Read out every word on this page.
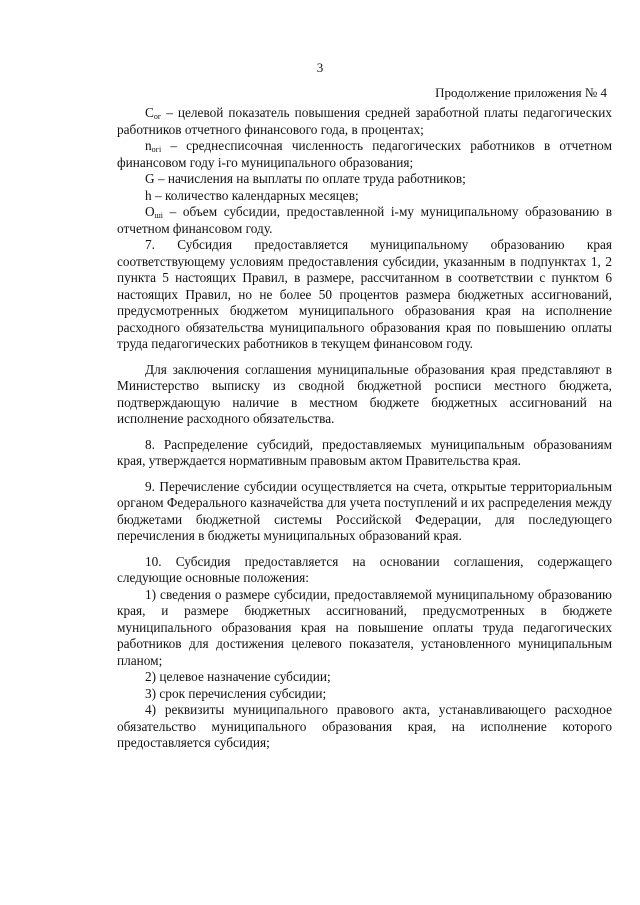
3
Продолжение приложения № 4

$C_{ог}$ – целевой показатель повышения средней заработной платы педагогических работников отчетного финансового года, в процентах;

$n_{огi}$ – среднесписочная численность педагогических работников в отчетном финансовом году i-го муниципального образования;

G – начисления на выплаты по оплате труда работников;

h – количество календарных месяцев;

$O_{шi}$ – объем субсидии, предоставленной i-му муниципальному образованию в отчетном финансовом году.

7. Субсидия предоставляется муниципальному образованию края соответствующему условиям предоставления субсидии, указанным в подпунктах 1, 2 пункта 5 настоящих Правил, в размере, рассчитанном в соответствии с пунктом 6 настоящих Правил, но не более 50 процентов размера бюджетных ассигнований, предусмотренных бюджетом муниципального образования края на исполнение расходного обязательства муниципального образования края по повышению оплаты труда педагогических работников в текущем финансовом году.

Для заключения соглашения муниципальные образования края представляют в Министерство выписку из сводной бюджетной росписи местного бюджета, подтверждающую наличие в местном бюджете бюджетных ассигнований на исполнение расходного обязательства.

8. Распределение субсидий, предоставляемых муниципальным образованиям края, утверждается нормативным правовым актом Правительства края.

9. Перечисление субсидии осуществляется на счета, открытые территориальным органом Федерального казначейства для учета поступлений и их распределения между бюджетами бюджетной системы Российской Федерации, для последующего перечисления в бюджеты муниципальных образований края.

10. Субсидия предоставляется на основании соглашения, содержащего следующие основные положения:

1) сведения о размере субсидии, предоставляемой муниципальному образованию края, и размере бюджетных ассигнований, предусмотренных в бюджете муниципального образования края на повышение оплаты труда педагогических работников для достижения целевого показателя, установленного муниципальным планом;

2) целевое назначение субсидии;

3) срок перечисления субсидии;

4) реквизиты муниципального правового акта, устанавливающего расходное обязательство муниципального образования края, на исполнение которого предоставляется субсидия;
